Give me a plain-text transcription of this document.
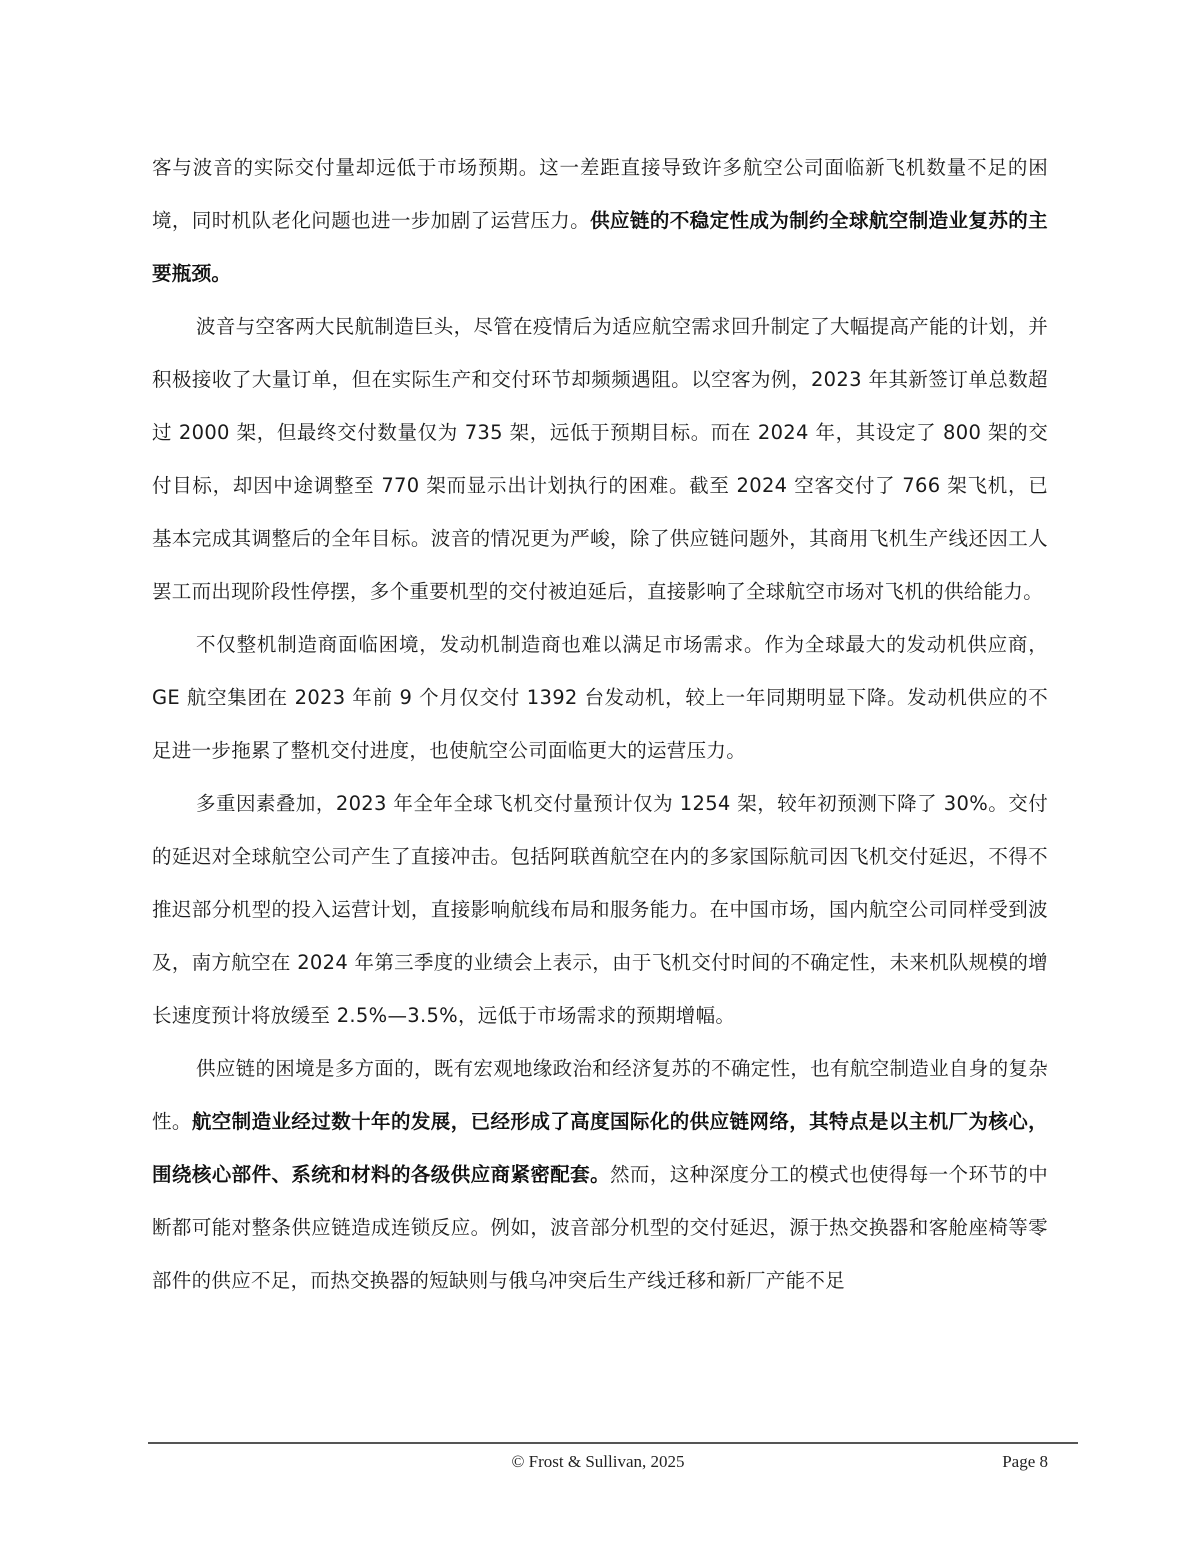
客与波音的实际交付量却远低于市场预期。这一差距直接导致许多航空公司面临新飞机数量不足的困境，同时机队老化问题也进一步加剧了运营压力。供应链的不稳定性成为制约全球航空制造业复苏的主要瓶颈。

波音与空客两大民航制造巨头，尽管在疫情后为适应航空需求回升制定了大幅提高产能的计划，并积极接收了大量订单，但在实际生产和交付环节却频频遇阻。以空客为例，2023 年其新签订单总数超过 2000 架，但最终交付数量仅为 735 架，远低于预期目标。而在 2024 年，其设定了 800 架的交付目标，却因中途调整至 770 架而显示出计划执行的困难。截至 2024 空客交付了 766 架飞机，已基本完成其调整后的全年目标。波音的情况更为严峻，除了供应链问题外，其商用飞机生产线还因工人罢工而出现阶段性停摆，多个重要机型的交付被迫延后，直接影响了全球航空市场对飞机的供给能力。

不仅整机制造商面临困境，发动机制造商也难以满足市场需求。作为全球最大的发动机供应商，GE 航空集团在 2023 年前 9 个月仅交付 1392 台发动机，较上一年同期明显下降。发动机供应的不足进一步拖累了整机交付进度，也使航空公司面临更大的运营压力。

多重因素叠加，2023 年全年全球飞机交付量预计仅为 1254 架，较年初预测下降了 30%。交付的延迟对全球航空公司产生了直接冲击。包括阿联酋航空在内的多家国际航司因飞机交付延迟，不得不推迟部分机型的投入运营计划，直接影响航线布局和服务能力。在中国市场，国内航空公司同样受到波及，南方航空在 2024 年第三季度的业绩会上表示，由于飞机交付时间的不确定性，未来机队规模的增长速度预计将放缓至 2.5%—3.5%，远低于市场需求的预期增幅。

供应链的困境是多方面的，既有宏观地缘政治和经济复苏的不确定性，也有航空制造业自身的复杂性。航空制造业经过数十年的发展，已经形成了高度国际化的供应链网络，其特点是以主机厂为核心，围绕核心部件、系统和材料的各级供应商紧密配套。然而，这种深度分工的模式也使得每一个环节的中断都可能对整条供应链造成连锁反应。例如，波音部分机型的交付延迟，源于热交换器和客舱座椅等零部件的供应不足，而热交换器的短缺则与俄乌冲突后生产线迁移和新厂产能不足

© Frost & Sullivan, 2025	Page 8
